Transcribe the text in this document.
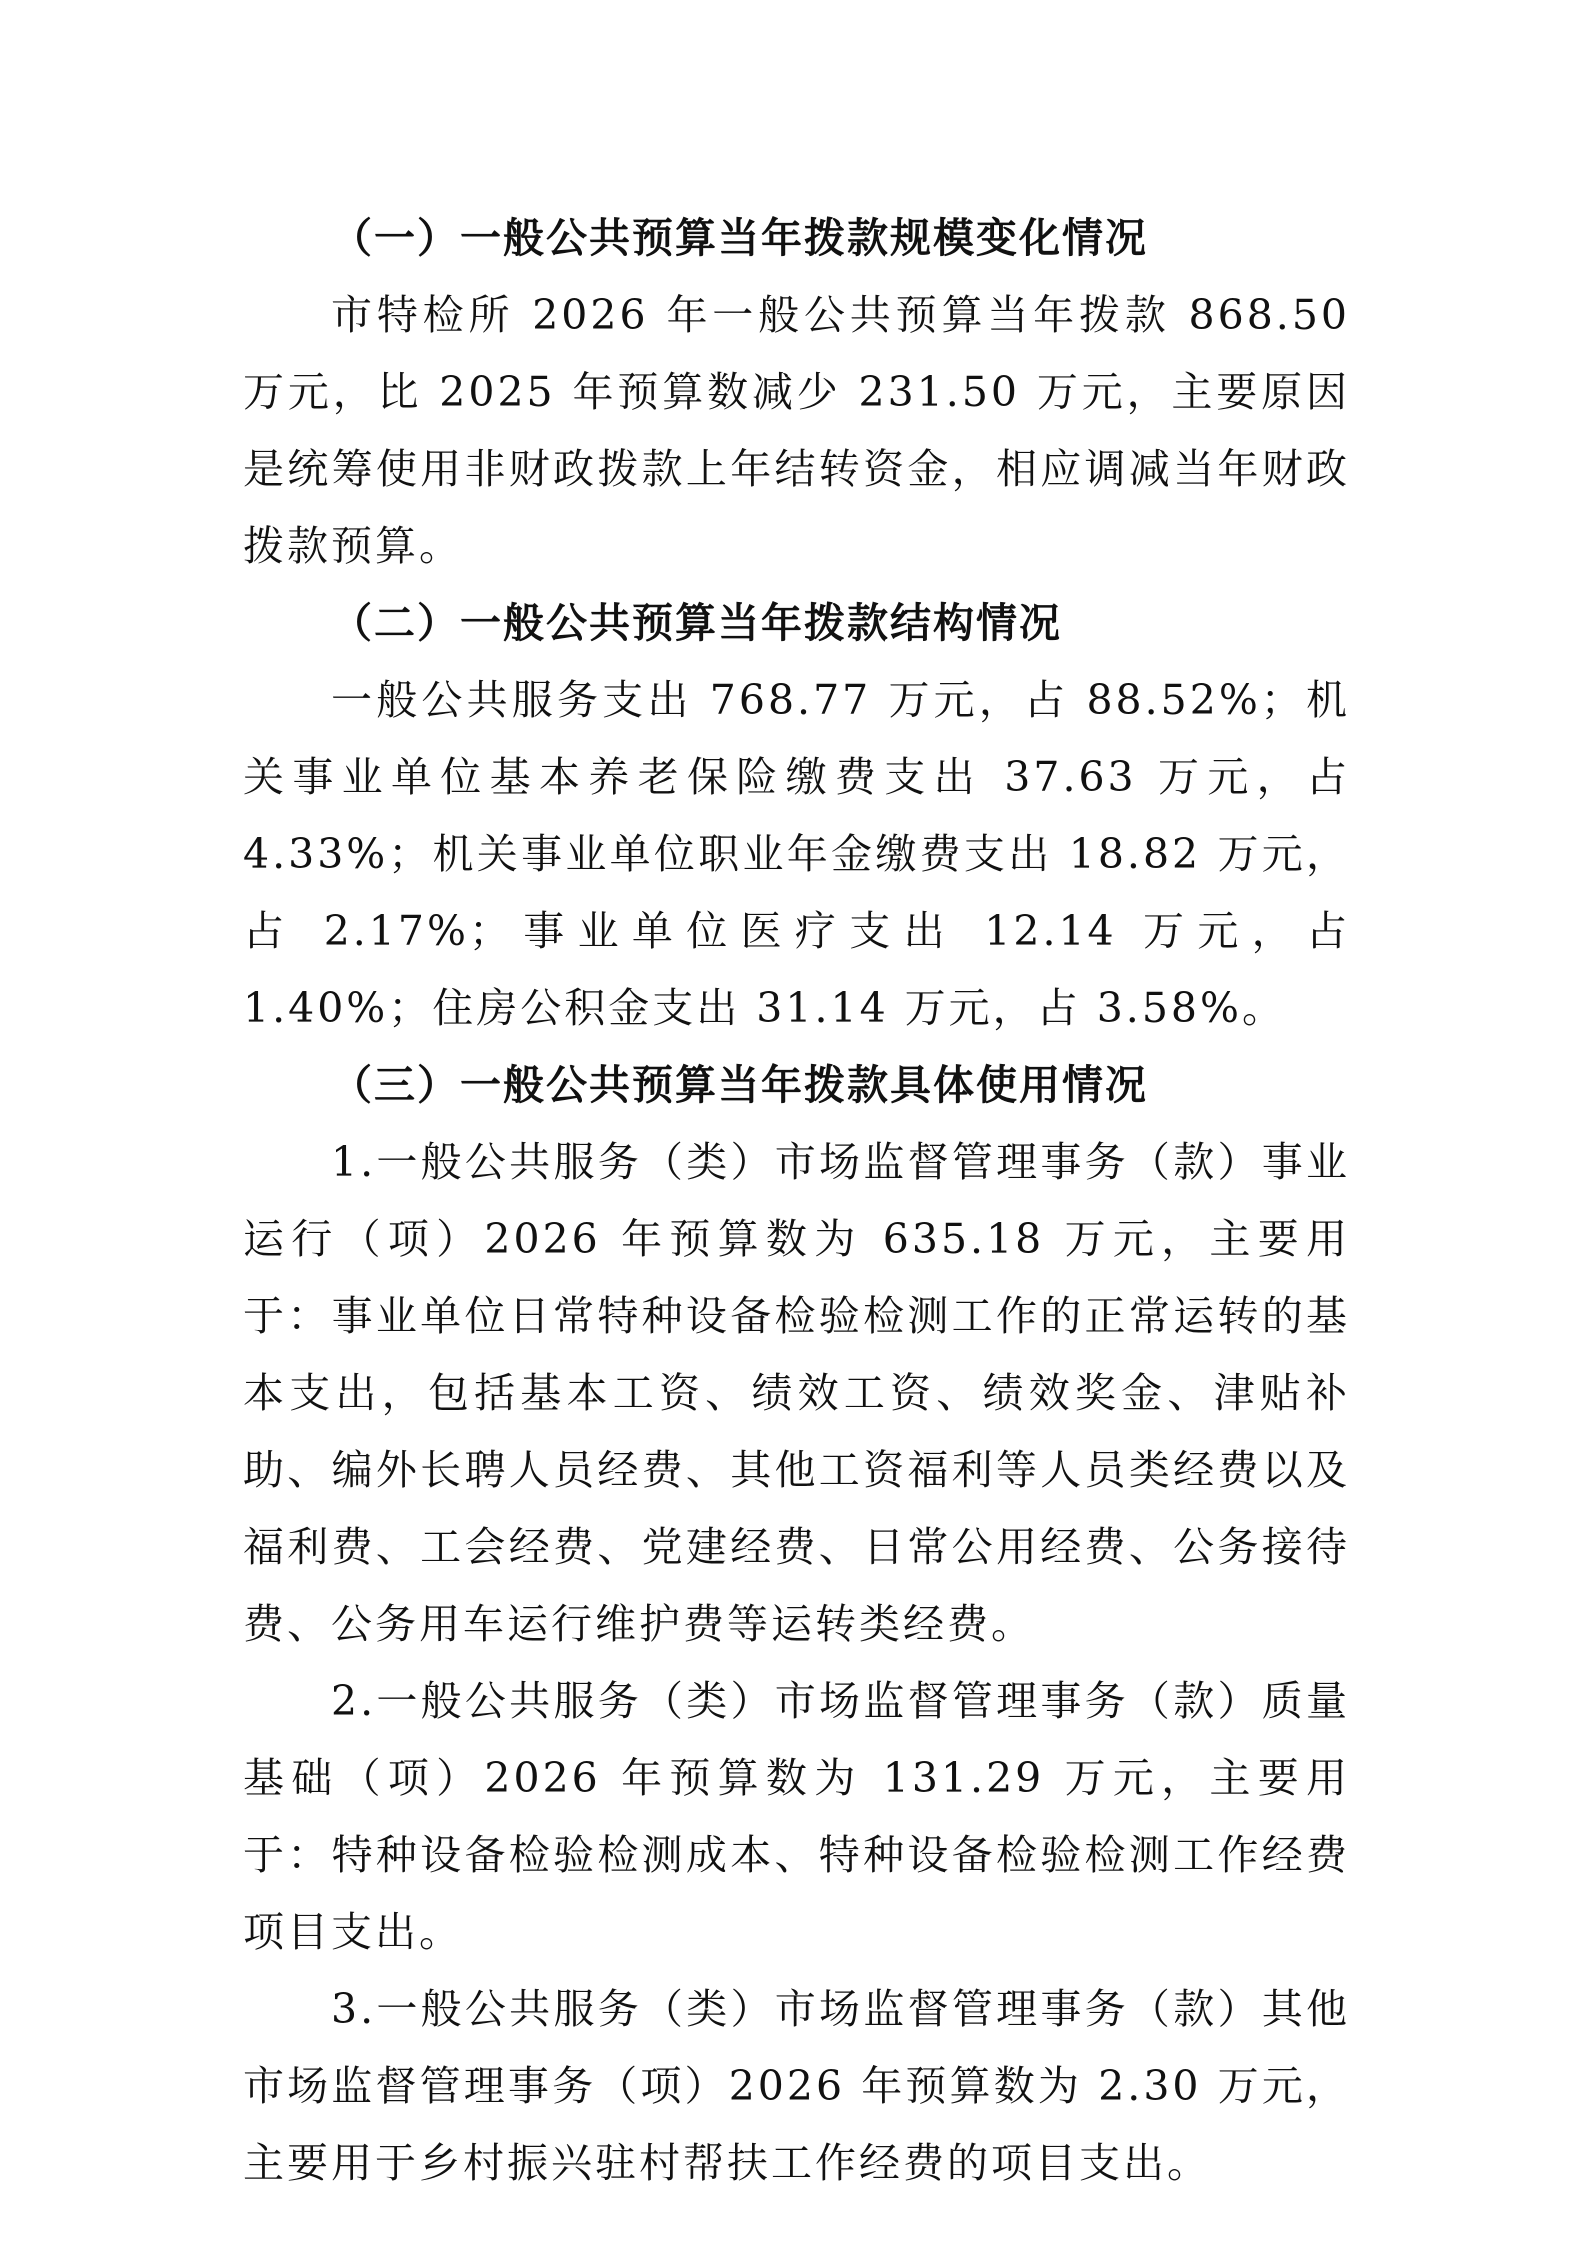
（一）一般公共预算当年拨款规模变化情况

市特检所 2026 年一般公共预算当年拨款 868.50 万元，比 2025 年预算数减少 231.50 万元，主要原因是统筹使用非财政拨款上年结转资金，相应调减当年财政拨款预算。

（二）一般公共预算当年拨款结构情况

一般公共服务支出 768.77 万元，占 88.52%；机关事业单位基本养老保险缴费支出 37.63 万元，占 4.33%；机关事业单位职业年金缴费支出 18.82 万元，占 2.17%；事业单位医疗支出 12.14 万元，占 1.40%；住房公积金支出 31.14 万元，占 3.58%。

（三）一般公共预算当年拨款具体使用情况

1.一般公共服务（类）市场监督管理事务（款）事业运行（项）2026 年预算数为 635.18 万元，主要用于：事业单位日常特种设备检验检测工作的正常运转的基本支出，包括基本工资、绩效工资、绩效奖金、津贴补助、编外长聘人员经费、其他工资福利等人员类经费以及福利费、工会经费、党建经费、日常公用经费、公务接待费、公务用车运行维护费等运转类经费。

2.一般公共服务（类）市场监督管理事务（款）质量基础（项）2026 年预算数为 131.29 万元，主要用于：特种设备检验检测成本、特种设备检验检测工作经费项目支出。

3.一般公共服务（类）市场监督管理事务（款）其他市场监督管理事务（项）2026 年预算数为 2.30 万元，主要用于乡村振兴驻村帮扶工作经费的项目支出。
